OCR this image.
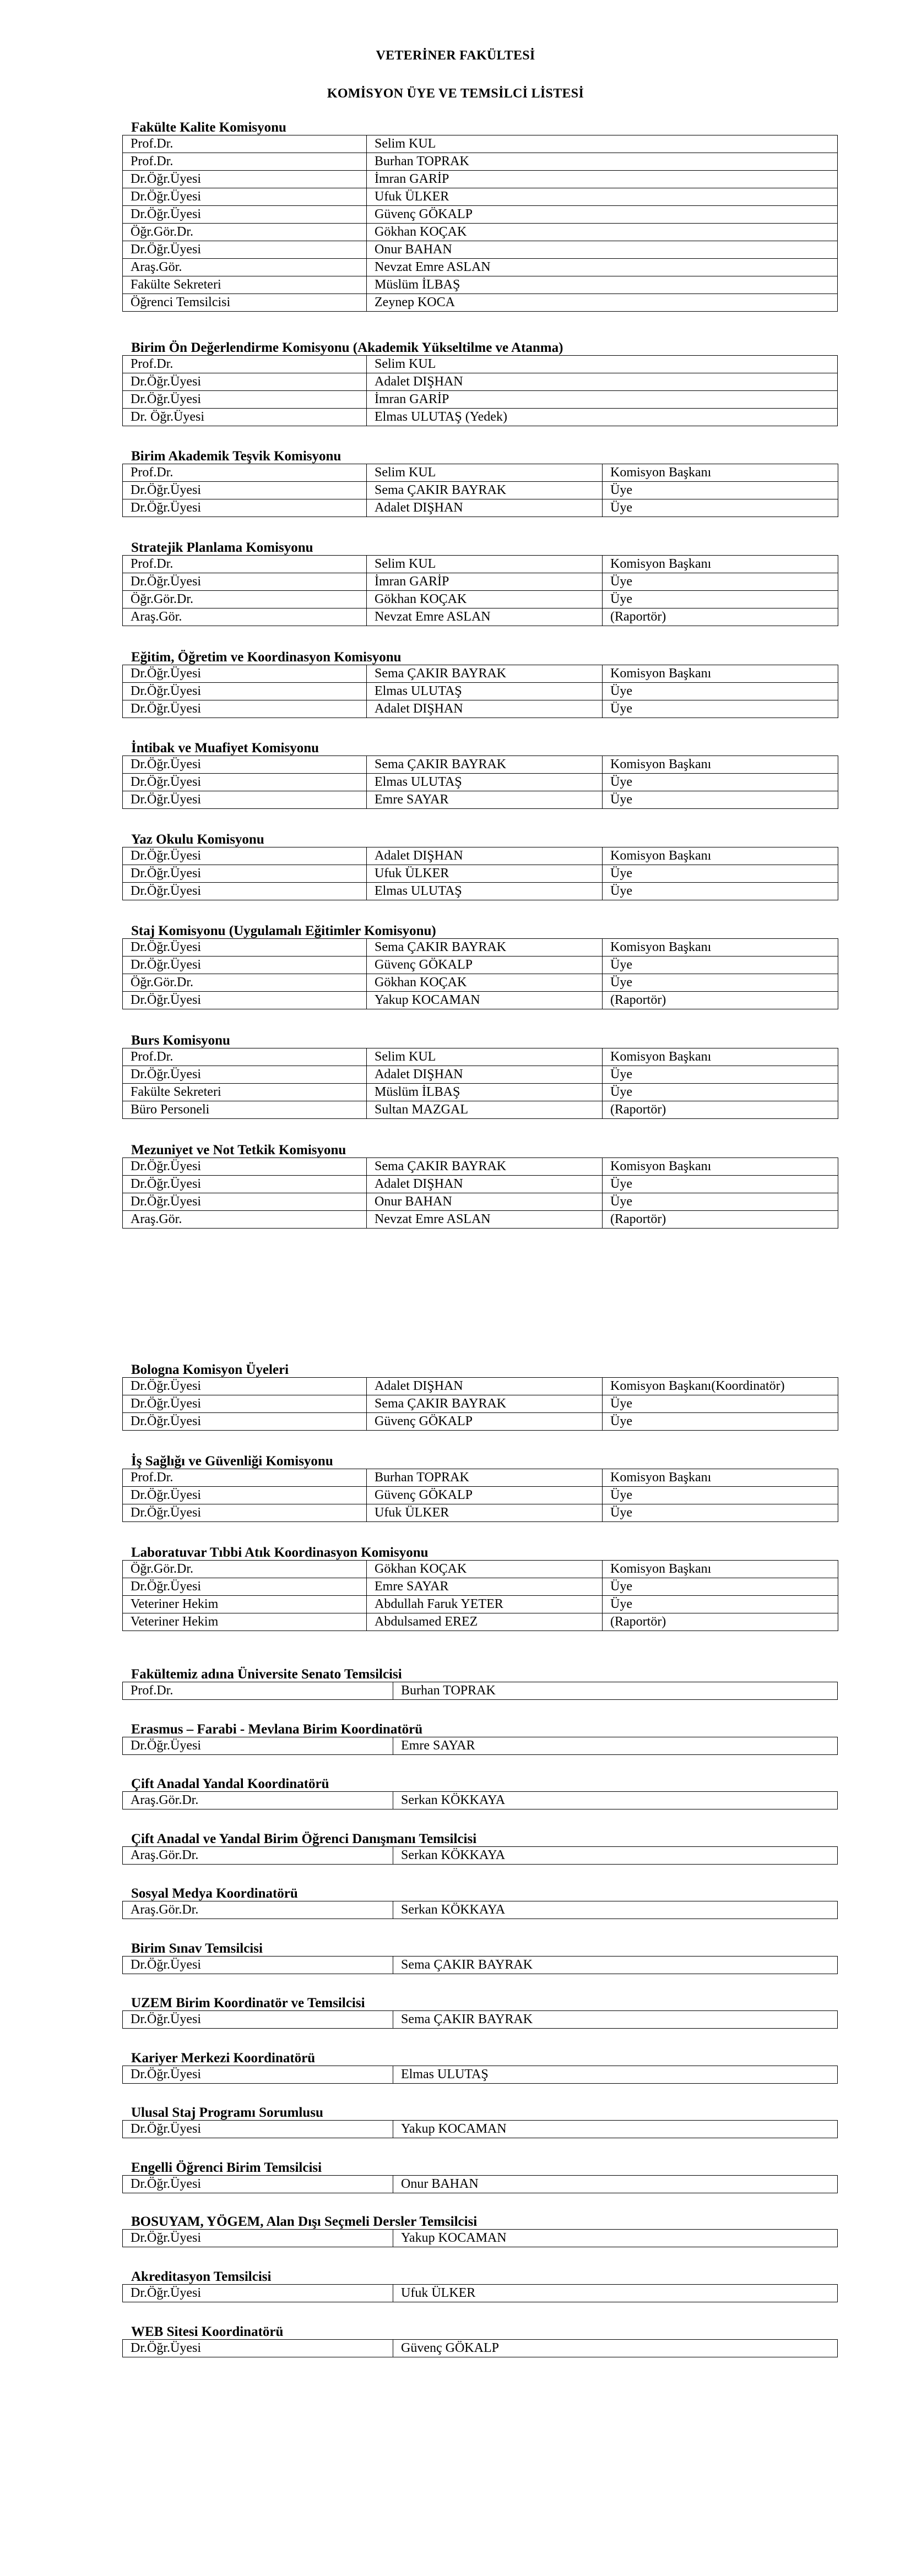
VETERİNER FAKÜLTESİ
KOMİSYON ÜYE VE TEMSİLCİ LİSTESİ
Fakülte Kalite Komisyonu
Prof.Dr.	Selim KUL
Prof.Dr.	Burhan TOPRAK
Dr.Öğr.Üyesi	İmran GARİP
Dr.Öğr.Üyesi	Ufuk ÜLKER
Dr.Öğr.Üyesi	Güvenç GÖKALP
Öğr.Gör.Dr.	Gökhan KOÇAK
Dr.Öğr.Üyesi	Onur BAHAN
Araş.Gör.	Nevzat Emre ASLAN
Fakülte Sekreteri	Müslüm İLBAŞ
Öğrenci Temsilcisi	Zeynep KOCA
Birim Ön Değerlendirme Komisyonu (Akademik Yükseltilme ve Atanma)
Prof.Dr.	Selim KUL
Dr.Öğr.Üyesi	Adalet DIŞHAN
Dr.Öğr.Üyesi	İmran GARİP
Dr. Öğr.Üyesi	Elmas ULUTAŞ (Yedek)
Birim Akademik Teşvik Komisyonu
Prof.Dr.	Selim KUL	Komisyon Başkanı
Dr.Öğr.Üyesi	Sema ÇAKIR BAYRAK	Üye
Dr.Öğr.Üyesi	Adalet DIŞHAN	Üye
Stratejik Planlama Komisyonu
Prof.Dr.	Selim KUL	Komisyon Başkanı
Dr.Öğr.Üyesi	İmran GARİP	Üye
Öğr.Gör.Dr.	Gökhan KOÇAK	Üye
Araş.Gör.	Nevzat Emre ASLAN	(Raportör)
Eğitim, Öğretim ve Koordinasyon Komisyonu
Dr.Öğr.Üyesi	Sema ÇAKIR BAYRAK	Komisyon Başkanı
Dr.Öğr.Üyesi	Elmas ULUTAŞ	Üye
Dr.Öğr.Üyesi	Adalet DIŞHAN	Üye
İntibak ve Muafiyet Komisyonu
Dr.Öğr.Üyesi	Sema ÇAKIR BAYRAK	Komisyon Başkanı
Dr.Öğr.Üyesi	Elmas ULUTAŞ	Üye
Dr.Öğr.Üyesi	Emre SAYAR	Üye
Yaz Okulu Komisyonu
Dr.Öğr.Üyesi	Adalet DIŞHAN	Komisyon Başkanı
Dr.Öğr.Üyesi	Ufuk ÜLKER	Üye
Dr.Öğr.Üyesi	Elmas ULUTAŞ	Üye
Staj Komisyonu (Uygulamalı Eğitimler Komisyonu)
Dr.Öğr.Üyesi	Sema ÇAKIR BAYRAK	Komisyon Başkanı
Dr.Öğr.Üyesi	Güvenç GÖKALP	Üye
Öğr.Gör.Dr.	Gökhan KOÇAK	Üye
Dr.Öğr.Üyesi	Yakup KOCAMAN	(Raportör)
Burs Komisyonu
Prof.Dr.	Selim KUL	Komisyon Başkanı
Dr.Öğr.Üyesi	Adalet DIŞHAN	Üye
Fakülte Sekreteri	Müslüm İLBAŞ	Üye
Büro Personeli	Sultan MAZGAL	(Raportör)
Mezuniyet ve Not Tetkik Komisyonu
Dr.Öğr.Üyesi	Sema ÇAKIR BAYRAK	Komisyon Başkanı
Dr.Öğr.Üyesi	Adalet DIŞHAN	Üye
Dr.Öğr.Üyesi	Onur BAHAN	Üye
Araş.Gör.	Nevzat Emre ASLAN	(Raportör)
Bologna Komisyon Üyeleri
Dr.Öğr.Üyesi	Adalet DIŞHAN	Komisyon Başkanı(Koordinatör)
Dr.Öğr.Üyesi	Sema ÇAKIR BAYRAK	Üye
Dr.Öğr.Üyesi	Güvenç GÖKALP	Üye
İş Sağlığı ve Güvenliği Komisyonu
Prof.Dr.	Burhan TOPRAK	Komisyon Başkanı
Dr.Öğr.Üyesi	Güvenç GÖKALP	Üye
Dr.Öğr.Üyesi	Ufuk ÜLKER	Üye
Laboratuvar Tıbbi Atık Koordinasyon Komisyonu
Öğr.Gör.Dr.	Gökhan KOÇAK	Komisyon Başkanı
Dr.Öğr.Üyesi	Emre SAYAR	Üye
Veteriner Hekim	Abdullah Faruk YETER	Üye
Veteriner Hekim	Abdulsamed EREZ	(Raportör)
Fakültemiz adına Üniversite Senato Temsilcisi
Prof.Dr.	Burhan TOPRAK
Erasmus – Farabi - Mevlana Birim Koordinatörü
Dr.Öğr.Üyesi	Emre SAYAR
Çift Anadal Yandal Koordinatörü
Araş.Gör.Dr.	Serkan KÖKKAYA
Çift Anadal ve Yandal Birim Öğrenci Danışmanı Temsilcisi
Araş.Gör.Dr.	Serkan KÖKKAYA
Sosyal Medya Koordinatörü
Araş.Gör.Dr.	Serkan KÖKKAYA
Birim Sınav Temsilcisi
Dr.Öğr.Üyesi	Sema ÇAKIR BAYRAK
UZEM Birim Koordinatör ve Temsilcisi
Dr.Öğr.Üyesi	Sema ÇAKIR BAYRAK
Kariyer Merkezi Koordinatörü
Dr.Öğr.Üyesi	Elmas ULUTAŞ
Ulusal Staj Programı Sorumlusu
Dr.Öğr.Üyesi	Yakup KOCAMAN
Engelli Öğrenci Birim Temsilcisi
Dr.Öğr.Üyesi	Onur BAHAN
BOSUYAM, YÖGEM, Alan Dışı Seçmeli Dersler Temsilcisi
Dr.Öğr.Üyesi	Yakup KOCAMAN
Akreditasyon Temsilcisi
Dr.Öğr.Üyesi	Ufuk ÜLKER
WEB Sitesi Koordinatörü
Dr.Öğr.Üyesi	Güvenç GÖKALP
